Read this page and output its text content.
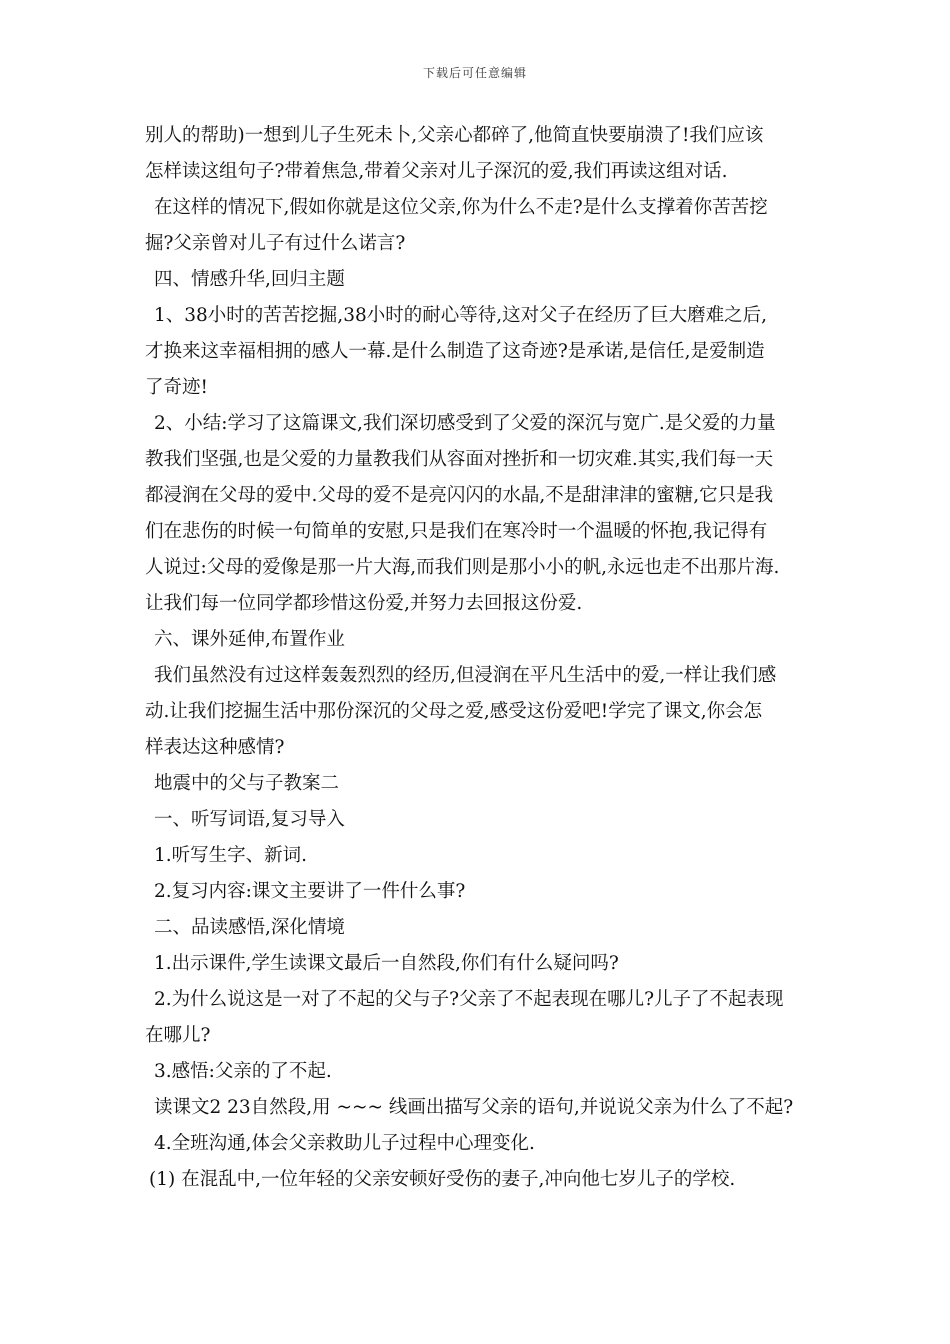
下载后可任意编辑
别人的帮助)一想到儿子生死未卜,父亲心都碎了,他简直快要崩溃了!我们应该
怎样读这组句子?带着焦急,带着父亲对儿子深沉的爱,我们再读这组对话.
在这样的情况下,假如你就是这位父亲,你为什么不走?是什么支撑着你苦苦挖
掘?父亲曾对儿子有过什么诺言?
四、情感升华,回归主题
1、38小时的苦苦挖掘,38小时的耐心等待,这对父子在经历了巨大磨难之后,
才换来这幸福相拥的感人一幕.是什么制造了这奇迹?是承诺,是信任,是爱制造
了奇迹!
2、小结:学习了这篇课文,我们深切感受到了父爱的深沉与宽广.是父爱的力量
教我们坚强,也是父爱的力量教我们从容面对挫折和一切灾难.其实,我们每一天
都浸润在父母的爱中.父母的爱不是亮闪闪的水晶,不是甜津津的蜜糖,它只是我
们在悲伤的时候一句简单的安慰,只是我们在寒冷时一个温暖的怀抱,我记得有
人说过:父母的爱像是那一片大海,而我们则是那小小的帆,永远也走不出那片海.
让我们每一位同学都珍惜这份爱,并努力去回报这份爱.
六、课外延伸,布置作业
我们虽然没有过这样轰轰烈烈的经历,但浸润在平凡生活中的爱,一样让我们感
动.让我们挖掘生活中那份深沉的父母之爱,感受这份爱吧!学完了课文,你会怎
样表达这种感情?
地震中的父与子教案二
一、听写词语,复习导入
1.听写生字、新词.
2.复习内容:课文主要讲了一件什么事?
二、品读感悟,深化情境
1.出示课件,学生读课文最后一自然段,你们有什么疑问吗?
2.为什么说这是一对了不起的父与子?父亲了不起表现在哪儿?儿子了不起表现
在哪儿?
3.感悟:父亲的了不起.
读课文2 23自然段,用 ~~~ 线画出描写父亲的语句,并说说父亲为什么了不起?
4.全班沟通,体会父亲救助儿子过程中心理变化.
(1) 在混乱中,一位年轻的父亲安顿好受伤的妻子,冲向他七岁儿子的学校.
